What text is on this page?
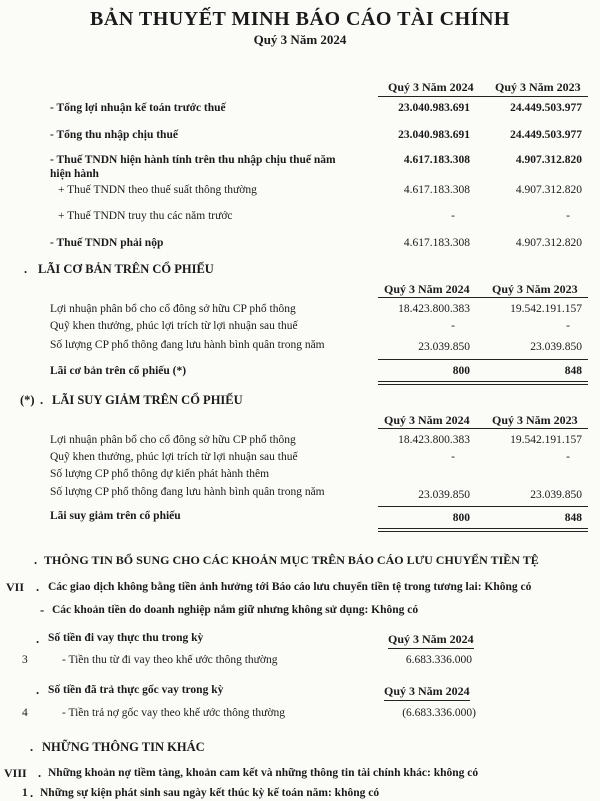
BẢN THUYẾT MINH BÁO CÁO TÀI CHÍNH
Quý 3 Năm 2024
Quý 3 Năm 2024 Quý 3 Năm 2023
- Tổng lợi nhuận kế toán trước thuế	23.040.983.691	24.449.503.977
- Tổng thu nhập chịu thuế	23.040.983.691	24.449.503.977
- Thuế TNDN hiện hành tính trên thu nhập chịu thuế năm
hiện hành
4.617.183.308	4.907.312.820
+ Thuế TNDN theo thuế suất thông thường	4.617.183.308	4.907.312.820
+ Thuế TNDN truy thu các năm trước	-	-
- Thuế TNDN phải nộp	4.617.183.308	4.907.312.820
. LÃI CƠ BẢN TRÊN CỔ PHIẾU
Quý 3 Năm 2024 Quý 3 Năm 2023
Lợi nhuận phân bổ cho cổ đông sở hữu CP phổ thông	18.423.800.383	19.542.191.157
Quỹ khen thưởng, phúc lợi trích từ lợi nhuận sau thuế	-	-
Số lượng CP phổ thông đang lưu hành bình quân trong năm	23.039.850	23.039.850
Lãi cơ bản trên cổ phiếu (*)	800	848
(*) . LÃI SUY GIẢM TRÊN CỔ PHIẾU
Quý 3 Năm 2024 Quý 3 Năm 2023
Lợi nhuận phân bổ cho cổ đông sở hữu CP phổ thông	18.423.800.383	19.542.191.157
Quỹ khen thưởng, phúc lợi trích từ lợi nhuận sau thuế	-	-
Số lượng CP phổ thông dự kiến phát hành thêm
Số lượng CP phổ thông đang lưu hành bình quân trong năm	23.039.850	23.039.850
Lãi suy giảm trên cổ phiếu	800	848
. THÔNG TIN BỔ SUNG CHO CÁC KHOẢN MỤC TRÊN BÁO CÁO LƯU CHUYỂN TIỀN TỆ
VII . Các giao dịch không bằng tiền ảnh hưởng tới Báo cáo lưu chuyển tiền tệ trong tương lai: Không có
- Các khoản tiền do doanh nghiệp nắm giữ nhưng không sử dụng: Không có
. Số tiền đi vay thực thu trong kỳ	Quý 3 Năm 2024
3	- Tiền thu từ đi vay theo khế ước thông thường	6.683.336.000
. Số tiền đã trả thực gốc vay trong kỳ	Quý 3 Năm 2024
4	- Tiền trả nợ gốc vay theo khế ước thông thường	(6.683.336.000)
. NHỮNG THÔNG TIN KHÁC
VIII . Những khoản nợ tiềm tàng, khoản cam kết và những thông tin tài chính khác: không có
1 . Những sự kiện phát sinh sau ngày kết thúc kỳ kế toán năm: không có
